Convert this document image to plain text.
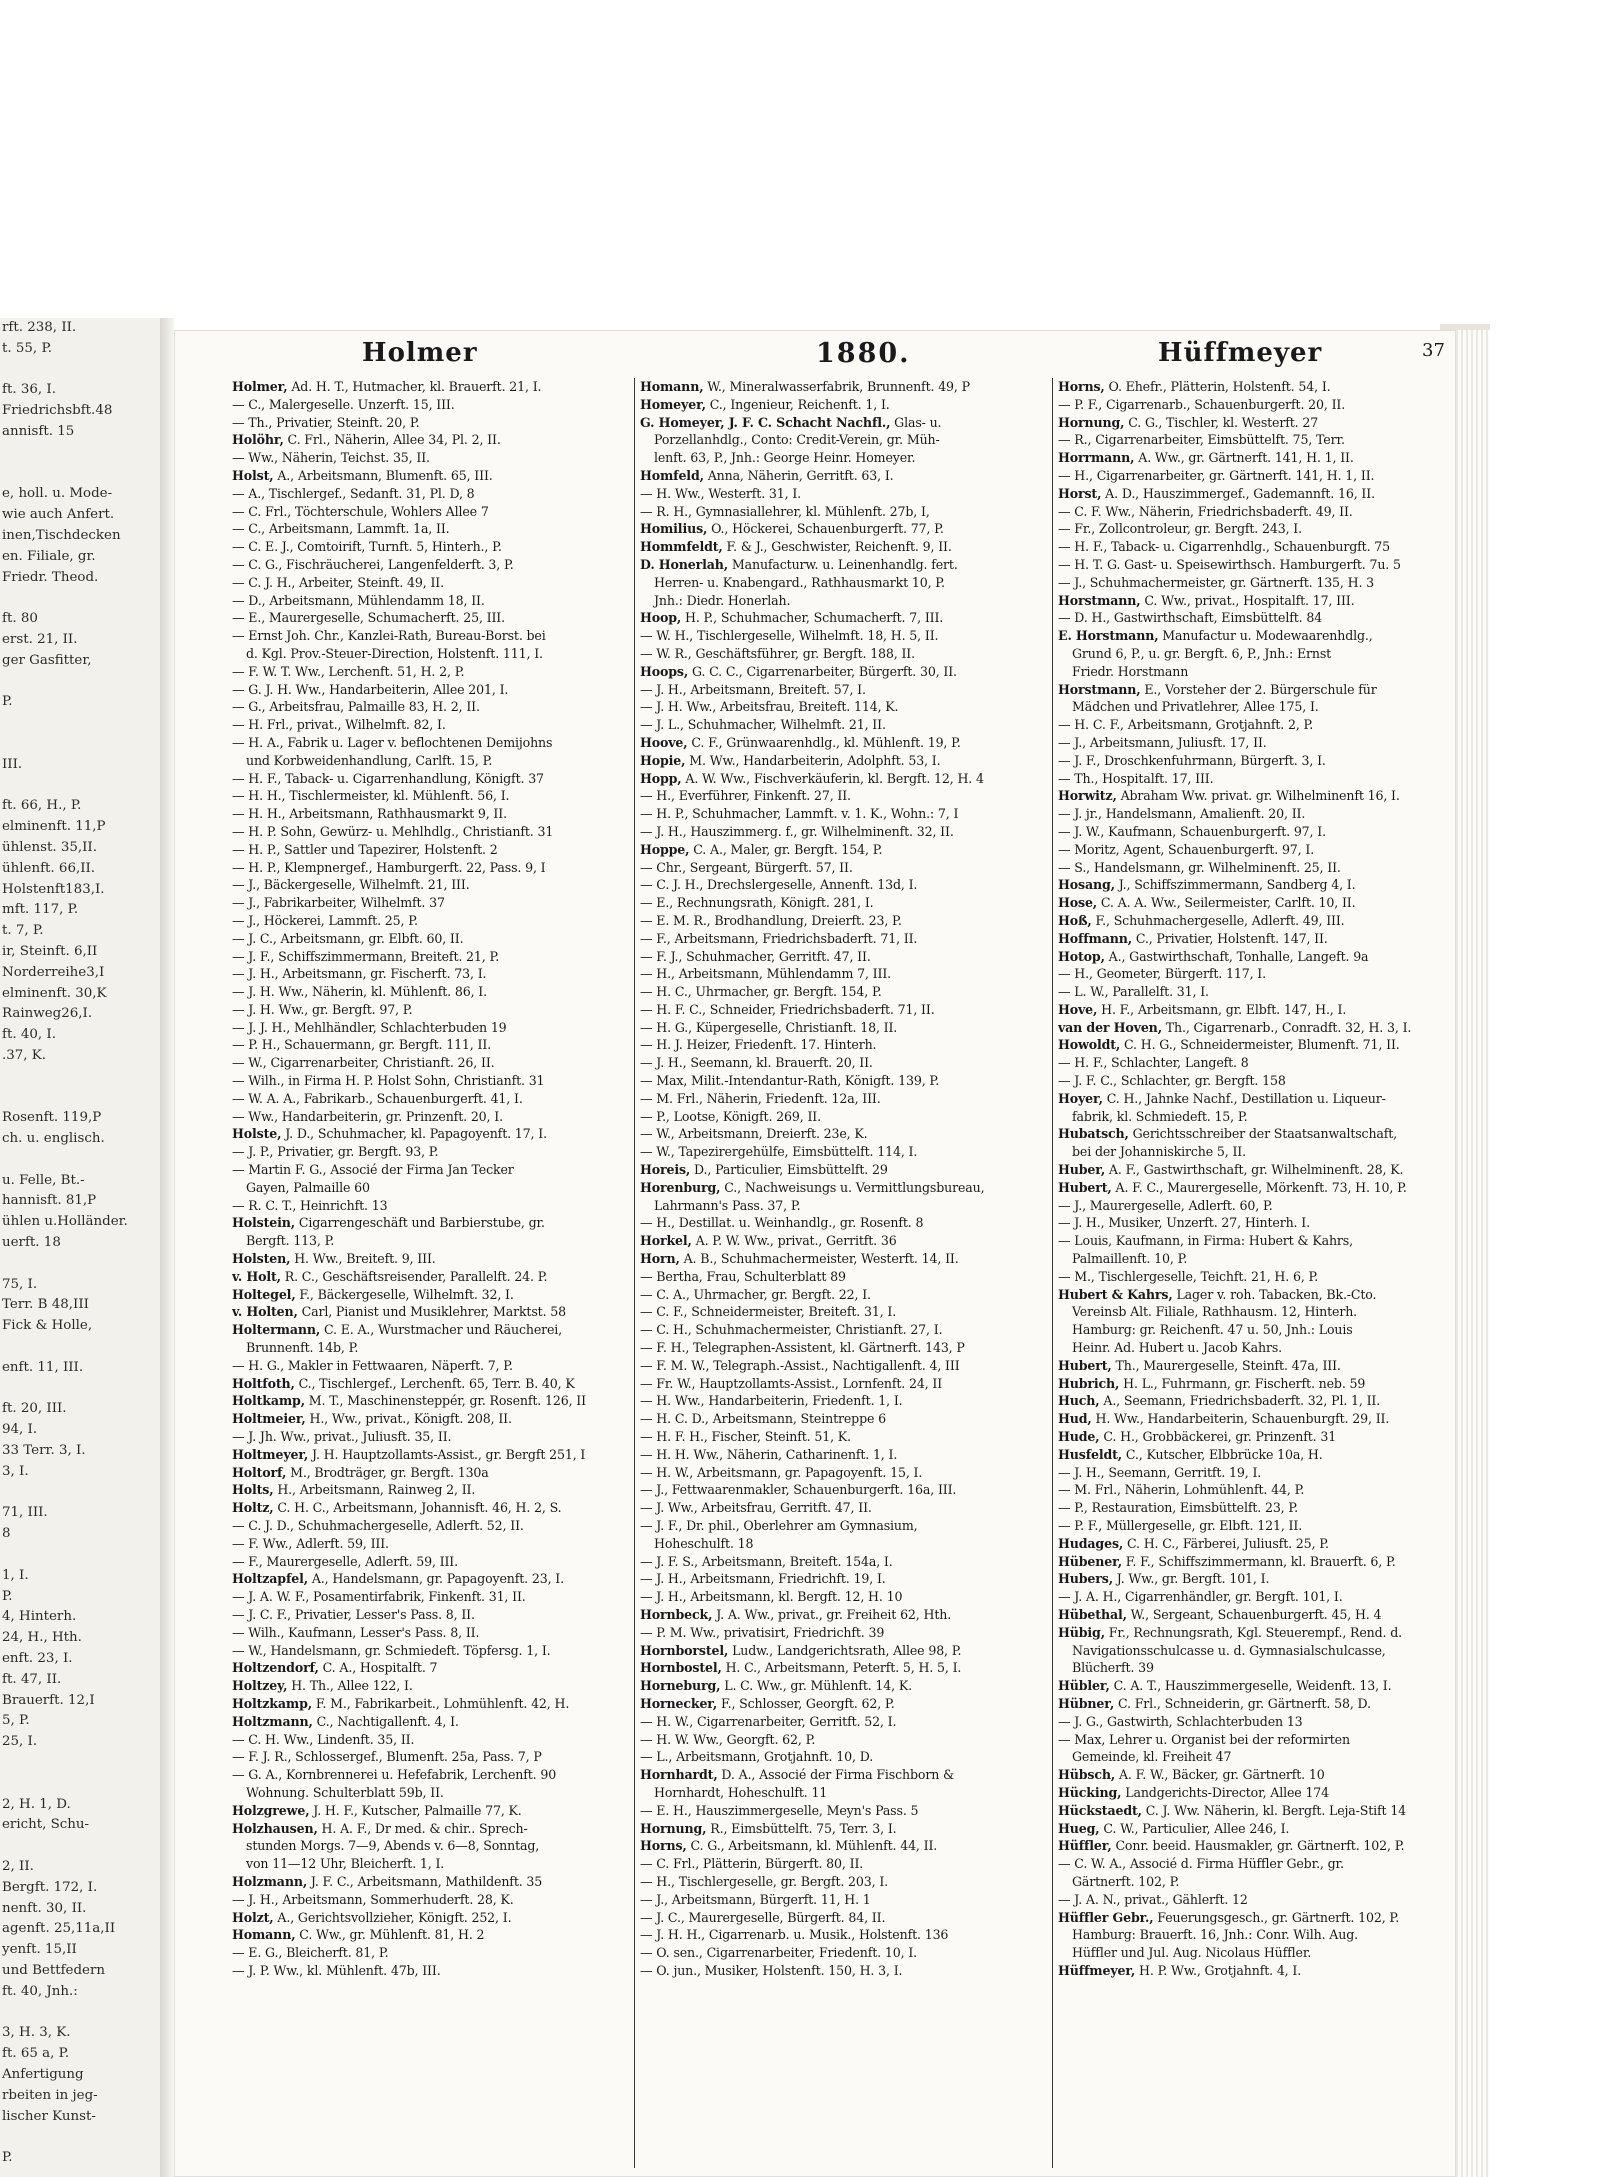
rft. 238, II.
t. 55, P.

ft. 36, I.
Friedrichsbft.48
annisft. 15

e, holl. u. Mode-
wie auch Anfert.
inen,Tischdecken
en. Filiale, gr.
Friedr. Theod.

ft. 80
erst. 21, II.
ger Gasfitter,

P.

III.

ft. 66, H., P.
elminenft. 11,P
ühlenst. 35,II.
ühlenft. 66,II.
Holstenft183,I.
mft. 117, P.
t. 7, P.
ir, Steinft. 6,II
Norderreihe3,I
elminenft. 30,K
Rainweg26,I.
ft. 40, I.
.37, K.

Rosenft. 119,P
ch. u. englisch.

u. Felle, Bt.-
hannisft. 81,P
ühlen u.Holländer.
uerft. 18

75, I.
Terr. B 48,III
Fick & Holle,

enft. 11, III.

ft. 20, III.
94, I.
33 Terr. 3, I.
3, I.

71, III.
8

1, I.
P.
4, Hinterh.
24, H., Hth.
enft. 23, I.
ft. 47, II.
Brauerft. 12,I
5, P.
25, I.

2, H. 1, D.
ericht, Schu-

2, II.
Bergft. 172, I.
nenft. 30, II.
agenft. 25,11a,II
yenft. 15,II
und Bettfedern
ft. 40, Jnh.:

3, H. 3, K.
ft. 65 a, P.
Anfertigung
rbeiten in jeg-
lischer Kunst-

P.
Holmer	1880.	Hüffmeyer	37
Holmer, Ad. H. T., Hutmacher, kl. Brauerft. 21, I.
— C., Malergeselle. Unzerft. 15, III.
— Th., Privatier, Steinft. 20, P.
Holöhr, C. Frl., Näherin, Allee 34, Pl. 2, II.
— Ww., Näherin, Teichst. 35, II.
Holst, A., Arbeitsmann, Blumenft. 65, III.
— A., Tischlergef., Sedanft. 31, Pl. D, 8
— C. Frl., Töchterschule, Wohlers Allee 7
— C., Arbeitsmann, Lammft. 1a, II.
— C. E. J., Comtoirift, Turnft. 5, Hinterh., P.
— C. G., Fischräucherei, Langenfelderft. 3, P.
— C. J. H., Arbeiter, Steinft. 49, II.
— D., Arbeitsmann, Mühlendamm 18, II.
— E., Maurergeselle, Schumacherft. 25, III.
— Ernst Joh. Chr., Kanzlei-Rath, Bureau-Borst. bei
d. Kgl. Prov.-Steuer-Direction, Holstenft. 111, I.
— F. W. T. Ww., Lerchenft. 51, H. 2, P.
— G. J. H. Ww., Handarbeiterin, Allee 201, I.
— G., Arbeitsfrau, Palmaille 83, H. 2, II.
— H. Frl., privat., Wilhelmft. 82, I.
— H. A., Fabrik u. Lager v. beflochtenen Demijohns
und Korbweidenhandlung, Carlft. 15, P.
— H. F., Taback- u. Cigarrenhandlung, Königft. 37
— H. H., Tischlermeister, kl. Mühlenft. 56, I.
— H. H., Arbeitsmann, Rathhausmarkt 9, II.
— H. P. Sohn, Gewürz- u. Mehlhdlg., Christianft. 31
— H. P., Sattler und Tapezirer, Holstenft. 2
— H. P., Klempnergef., Hamburgerft. 22, Pass. 9, I
— J., Bäckergeselle, Wilhelmft. 21, III.
— J., Fabrikarbeiter, Wilhelmft. 37
— J., Höckerei, Lammft. 25, P.
— J. C., Arbeitsmann, gr. Elbft. 60, II.
— J. F., Schiffszimmermann, Breiteft. 21, P.
— J. H., Arbeitsmann, gr. Fischerft. 73, I.
— J. H. Ww., Näherin, kl. Mühlenft. 86, I.
— J. H. Ww., gr. Bergft. 97, P.
— J. J. H., Mehlhändler, Schlachterbuden 19
— P. H., Schauermann, gr. Bergft. 111, II.
— W., Cigarrenarbeiter, Christianft. 26, II.
— Wilh., in Firma H. P. Holst Sohn, Christianft. 31
— W. A. A., Fabrikarb., Schauenburgerft. 41, I.
— Ww., Handarbeiterin, gr. Prinzenft. 20, I.
Holste, J. D., Schuhmacher, kl. Papagoyenft. 17, I.
— J. P., Privatier, gr. Bergft. 93, P.
— Martin F. G., Associé der Firma Jan Tecker
Gayen, Palmaille 60
— R. C. T., Heinrichft. 13
Holstein, Cigarrengeschäft und Barbierstube, gr.
Bergft. 113, P.
Holsten, H. Ww., Breiteft. 9, III.
v. Holt, R. C., Geschäftsreisender, Parallelft. 24. P.
Holtegel, F., Bäckergeselle, Wilhelmft. 32, I.
v. Holten, Carl, Pianist und Musiklehrer, Marktst. 58
Holtermann, C. E. A., Wurstmacher und Räucherei,
Brunnenft. 14b, P.
— H. G., Makler in Fettwaaren, Näperft. 7, P.
Holtfoth, C., Tischlergef., Lerchenft. 65, Terr. B. 40, K
Holtkamp, M. T., Maschinensteppér, gr. Rosenft. 126, II
Holtmeier, H., Ww., privat., Königft. 208, II.
— J. Jh. Ww., privat., Juliusft. 35, II.
Holtmeyer, J. H. Hauptzollamts-Assist., gr. Bergft 251, I
Holtorf, M., Brodträger, gr. Bergft. 130a
Holts, H., Arbeitsmann, Rainweg 2, II.
Holtz, C. H. C., Arbeitsmann, Johannisft. 46, H. 2, S.
— C. J. D., Schuhmachergeselle, Adlerft. 52, II.
— F. Ww., Adlerft. 59, III.
— F., Maurergeselle, Adlerft. 59, III.
Holtzapfel, A., Handelsmann, gr. Papagoyenft. 23, I.
— J. A. W. F., Posamentirfabrik, Finkenft. 31, II.
— J. C. F., Privatier, Lesser's Pass. 8, II.
— Wilh., Kaufmann, Lesser's Pass. 8, II.
— W., Handelsmann, gr. Schmiedeft. Töpfersg. 1, I.
Holtzendorf, C. A., Hospitalft. 7
Holtzey, H. Th., Allee 122, I.
Holtzkamp, F. M., Fabrikarbeit., Lohmühlenft. 42, H.
Holtzmann, C., Nachtigallenft. 4, I.
— C. H. Ww., Lindenft. 35, II.
— F. J. R., Schlossergef., Blumenft. 25a, Pass. 7, P
— G. A., Kornbrennerei u. Hefefabrik, Lerchenft. 90
Wohnung. Schulterblatt 59b, II.
Holzgrewe, J. H. F., Kutscher, Palmaille 77, K.
Holzhausen, H. A. F., Dr med. & chir.. Sprech-
stunden Morgs. 7—9, Abends v. 6—8, Sonntag,
von 11—12 Uhr, Bleicherft. 1, I.
Holzmann, J. F. C., Arbeitsmann, Mathildenft. 35
— J. H., Arbeitsmann, Sommerhuderft. 28, K.
Holzt, A., Gerichtsvollzieher, Königft. 252, I.
Homann, C. Ww., gr. Mühlenft. 81, H. 2
— E. G., Bleicherft. 81, P.
— J. P. Ww., kl. Mühlenft. 47b, III.
Homann, W., Mineralwasserfabrik, Brunnenft. 49, P
Homeyer, C., Ingenieur, Reichenft. 1, I.
G. Homeyer, J. F. C. Schacht Nachfl., Glas- u.
Porzellanhdlg., Conto: Credit-Verein, gr. Müh-
lenft. 63, P., Jnh.: George Heinr. Homeyer.
Homfeld, Anna, Näherin, Gerritft. 63, I.
— H. Ww., Westerft. 31, I.
— R. H., Gymnasiallehrer, kl. Mühlenft. 27b, I,
Homilius, O., Höckerei, Schauenburgerft. 77, P.
Hommfeldt, F. & J., Geschwister, Reichenft. 9, II.
D. Honerlah, Manufacturw. u. Leinenhandlg. fert.
Herren- u. Knabengard., Rathhausmarkt 10, P.
Jnh.: Diedr. Honerlah.
Hoop, H. P., Schuhmacher, Schumacherft. 7, III.
— W. H., Tischlergeselle, Wilhelmft. 18, H. 5, II.
— W. R., Geschäftsführer, gr. Bergft. 188, II.
Hoops, G. C. C., Cigarrenarbeiter, Bürgerft. 30, II.
— J. H., Arbeitsmann, Breiteft. 57, I.
— J. H. Ww., Arbeitsfrau, Breiteft. 114, K.
— J. L., Schuhmacher, Wilhelmft. 21, II.
Hoove, C. F., Grünwaarenhdlg., kl. Mühlenft. 19, P.
Hopie, M. Ww., Handarbeiterin, Adolphft. 53, I.
Hopp, A. W. Ww., Fischverkäuferin, kl. Bergft. 12, H. 4
— H., Everführer, Finkenft. 27, II.
— H. P., Schuhmacher, Lammft. v. 1. K., Wohn.: 7, I
— J. H., Hauszimmerg. f., gr. Wilhelminenft. 32, II.
Hoppe, C. A., Maler, gr. Bergft. 154, P.
— Chr., Sergeant, Bürgerft. 57, II.
— C. J. H., Drechslergeselle, Annenft. 13d, I.
— E., Rechnungsrath, Königft. 281, I.
— E. M. R., Brodhandlung, Dreierft. 23, P.
— F., Arbeitsmann, Friedrichsbaderft. 71, II.
— F. J., Schuhmacher, Gerritft. 47, II.
— H., Arbeitsmann, Mühlendamm 7, III.
— H. C., Uhrmacher, gr. Bergft. 154, P.
— H. F. C., Schneider, Friedrichsbaderft. 71, II.
— H. G., Küpergeselle, Christianft. 18, II.
— H. J. Heizer, Friedenft. 17. Hinterh.
— J. H., Seemann, kl. Brauerft. 20, II.
— Max, Milit.-Intendantur-Rath, Königft. 139, P.
— M. Frl., Näherin, Friedenft. 12a, III.
— P., Lootse, Königft. 269, II.
— W., Arbeitsmann, Dreierft. 23e, K.
— W., Tapezirergehülfe, Eimsbüttelft. 114, I.
Horeis, D., Particulier, Eimsbüttelft. 29
Horenburg, C., Nachweisungs u. Vermittlungsbureau,
Lahrmann's Pass. 37, P.
— H., Destillat. u. Weinhandlg., gr. Rosenft. 8
Horkel, A. P. W. Ww., privat., Gerritft. 36
Horn, A. B., Schuhmachermeister, Westerft. 14, II.
— Bertha, Frau, Schulterblatt 89
— C. A., Uhrmacher, gr. Bergft. 22, I.
— C. F., Schneidermeister, Breiteft. 31, I.
— C. H., Schuhmachermeister, Christianft. 27, I.
— F. H., Telegraphen-Assistent, kl. Gärtnerft. 143, P
— F. M. W., Telegraph.-Assist., Nachtigallenft. 4, III
— Fr. W., Hauptzollamts-Assist., Lornfenft. 24, II
— H. Ww., Handarbeiterin, Friedenft. 1, I.
— H. C. D., Arbeitsmann, Steintreppe 6
— H. F. H., Fischer, Steinft. 51, K.
— H. H. Ww., Näherin, Catharinenft. 1, I.
— H. W., Arbeitsmann, gr. Papagoyenft. 15, I.
— J., Fettwaarenmakler, Schauenburgerft. 16a, III.
— J. Ww., Arbeitsfrau, Gerritft. 47, II.
— J. F., Dr. phil., Oberlehrer am Gymnasium,
Hoheschulft. 18
— J. F. S., Arbeitsmann, Breiteft. 154a, I.
— J. H., Arbeitsmann, Friedrichft. 19, I.
— J. H., Arbeitsmann, kl. Bergft. 12, H. 10
Hornbeck, J. A. Ww., privat., gr. Freiheit 62, Hth.
— P. M. Ww., privatisirt, Friedrichft. 39
Hornborstel, Ludw., Landgerichtsrath, Allee 98, P.
Hornbostel, H. C., Arbeitsmann, Peterft. 5, H. 5, I.
Horneburg, L. C. Ww., gr. Mühlenft. 14, K.
Hornecker, F., Schlosser, Georgft. 62, P.
— H. W., Cigarrenarbeiter, Gerritft. 52, I.
— H. W. Ww., Georgft. 62, P.
— L., Arbeitsmann, Grotjahnft. 10, D.
Hornhardt, D. A., Associé der Firma Fischborn &
Hornhardt, Hoheschulft. 11
— E. H., Hauszimmergeselle, Meyn's Pass. 5
Hornung, R., Eimsbüttelft. 75, Terr. 3, I.
Horns, C. G., Arbeitsmann, kl. Mühlenft. 44, II.
— C. Frl., Plätterin, Bürgerft. 80, II.
— H., Tischlergeselle, gr. Bergft. 203, I.
— J., Arbeitsmann, Bürgerft. 11, H. 1
— J. C., Maurergeselle, Bürgerft. 84, II.
— J. H. H., Cigarrenarb. u. Musik., Holstenft. 136
— O. sen., Cigarrenarbeiter, Friedenft. 10, I.
— O. jun., Musiker, Holstenft. 150, H. 3, I.
Horns, O. Ehefr., Plätterin, Holstenft. 54, I.
— P. F., Cigarrenarb., Schauenburgerft. 20, II.
Hornung, C. G., Tischler, kl. Westerft. 27
— R., Cigarrenarbeiter, Eimsbüttelft. 75, Terr.
Horrmann, A. Ww., gr. Gärtnerft. 141, H. 1, II.
— H., Cigarrenarbeiter, gr. Gärtnerft. 141, H. 1, II.
Horst, A. D., Hauszimmergef., Gademannft. 16, II.
— C. F. Ww., Näherin, Friedrichsbaderft. 49, II.
— Fr., Zollcontroleur, gr. Bergft. 243, I.
— H. F., Taback- u. Cigarrenhdlg., Schauenburgft. 75
— H. T. G. Gast- u. Speisewirthsch. Hamburgerft. 7u. 5
— J., Schuhmachermeister, gr. Gärtnerft. 135, H. 3
Horstmann, C. Ww., privat., Hospitalft. 17, III.
— D. H., Gastwirthschaft, Eimsbüttelft. 84
E. Horstmann, Manufactur u. Modewaarenhdlg.,
Grund 6, P., u. gr. Bergft. 6, P., Jnh.: Ernst
Friedr. Horstmann
Horstmann, E., Vorsteher der 2. Bürgerschule für
Mädchen und Privatlehrer, Allee 175, I.
— H. C. F., Arbeitsmann, Grotjahnft. 2, P.
— J., Arbeitsmann, Juliusft. 17, II.
— J. F., Droschkenfuhrmann, Bürgerft. 3, I.
— Th., Hospitalft. 17, III.
Horwitz, Abraham Ww. privat. gr. Wilhelminenft 16, I.
— J. jr., Handelsmann, Amalienft. 20, II.
— J. W., Kaufmann, Schauenburgerft. 97, I.
— Moritz, Agent, Schauenburgerft. 97, I.
— S., Handelsmann, gr. Wilhelminenft. 25, II.
Hosang, J., Schiffszimmermann, Sandberg 4, I.
Hose, C. A. A. Ww., Seilermeister, Carlft. 10, II.
Hoß, F., Schuhmachergeselle, Adlerft. 49, III.
Hoffmann, C., Privatier, Holstenft. 147, II.
Hotop, A., Gastwirthschaft, Tonhalle, Langeft. 9a
— H., Geometer, Bürgerft. 117, I.
— L. W., Parallelft. 31, I.
Hove, H. F., Arbeitsmann, gr. Elbft. 147, H., I.
van der Hoven, Th., Cigarrenarb., Conradft. 32, H. 3, I.
Howoldt, C. H. G., Schneidermeister, Blumenft. 71, II.
— H. F., Schlachter, Langeft. 8
— J. F. C., Schlachter, gr. Bergft. 158
Hoyer, C. H., Jahnke Nachf., Destillation u. Liqueur-
fabrik, kl. Schmiedeft. 15, P.
Hubatsch, Gerichtsschreiber der Staatsanwaltschaft,
bei der Johanniskirche 5, II.
Huber, A. F., Gastwirthschaft, gr. Wilhelminenft. 28, K.
Hubert, A. F. C., Maurergeselle, Mörkenft. 73, H. 10, P.
— J., Maurergeselle, Adlerft. 60, P.
— J. H., Musiker, Unzerft. 27, Hinterh. I.
— Louis, Kaufmann, in Firma: Hubert & Kahrs,
Palmaillenft. 10, P.
— M., Tischlergeselle, Teichft. 21, H. 6, P.
Hubert & Kahrs, Lager v. roh. Tabacken, Bk.-Cto.
Vereinsb Alt. Filiale, Rathhausm. 12, Hinterh.
Hamburg: gr. Reichenft. 47 u. 50, Jnh.: Louis
Heinr. Ad. Hubert u. Jacob Kahrs.
Hubert, Th., Maurergeselle, Steinft. 47a, III.
Hubrich, H. L., Fuhrmann, gr. Fischerft. neb. 59
Huch, A., Seemann, Friedrichsbaderft. 32, Pl. 1, II.
Hud, H. Ww., Handarbeiterin, Schauenburgft. 29, II.
Hude, C. H., Grobbäckerei, gr. Prinzenft. 31
Husfeldt, C., Kutscher, Elbbrücke 10a, H.
— J. H., Seemann, Gerritft. 19, I.
— M. Frl., Näherin, Lohmühlenft. 44, P.
— P., Restauration, Eimsbüttelft. 23, P.
— P. F., Müllergeselle, gr. Elbft. 121, II.
Hudages, C. H. C., Färberei, Juliusft. 25, P.
Hübener, F. F., Schiffszimmermann, kl. Brauerft. 6, P.
Hubers, J. Ww., gr. Bergft. 101, I.
— J. A. H., Cigarrenhändler, gr. Bergft. 101, I.
Hübethal, W., Sergeant, Schauenburgerft. 45, H. 4
Hübig, Fr., Rechnungsrath, Kgl. Steuerempf., Rend. d.
Navigationsschulcasse u. d. Gymnasialschulcasse,
Blücherft. 39
Hübler, C. A. T., Hauszimmergeselle, Weidenft. 13, I.
Hübner, C. Frl., Schneiderin, gr. Gärtnerft. 58, D.
— J. G., Gastwirth, Schlachterbuden 13
— Max, Lehrer u. Organist bei der reformirten
Gemeinde, kl. Freiheit 47
Hübsch, A. F. W., Bäcker, gr. Gärtnerft. 10
Hücking, Landgerichts-Director, Allee 174
Hückstaedt, C. J. Ww. Näherin, kl. Bergft. Leja-Stift 14
Hueg, C. W., Particulier, Allee 246, I.
Hüffler, Conr. beeid. Hausmakler, gr. Gärtnerft. 102, P.
— C. W. A., Associé d. Firma Hüffler Gebr., gr.
Gärtnerft. 102, P.
— J. A. N., privat., Gählerft. 12
Hüffler Gebr., Feuerungsgesch., gr. Gärtnerft. 102, P.
Hamburg: Brauerft. 16, Jnh.: Conr. Wilh. Aug.
Hüffler und Jul. Aug. Nicolaus Hüffler.
Hüffmeyer, H. P. Ww., Grotjahnft. 4, I.
